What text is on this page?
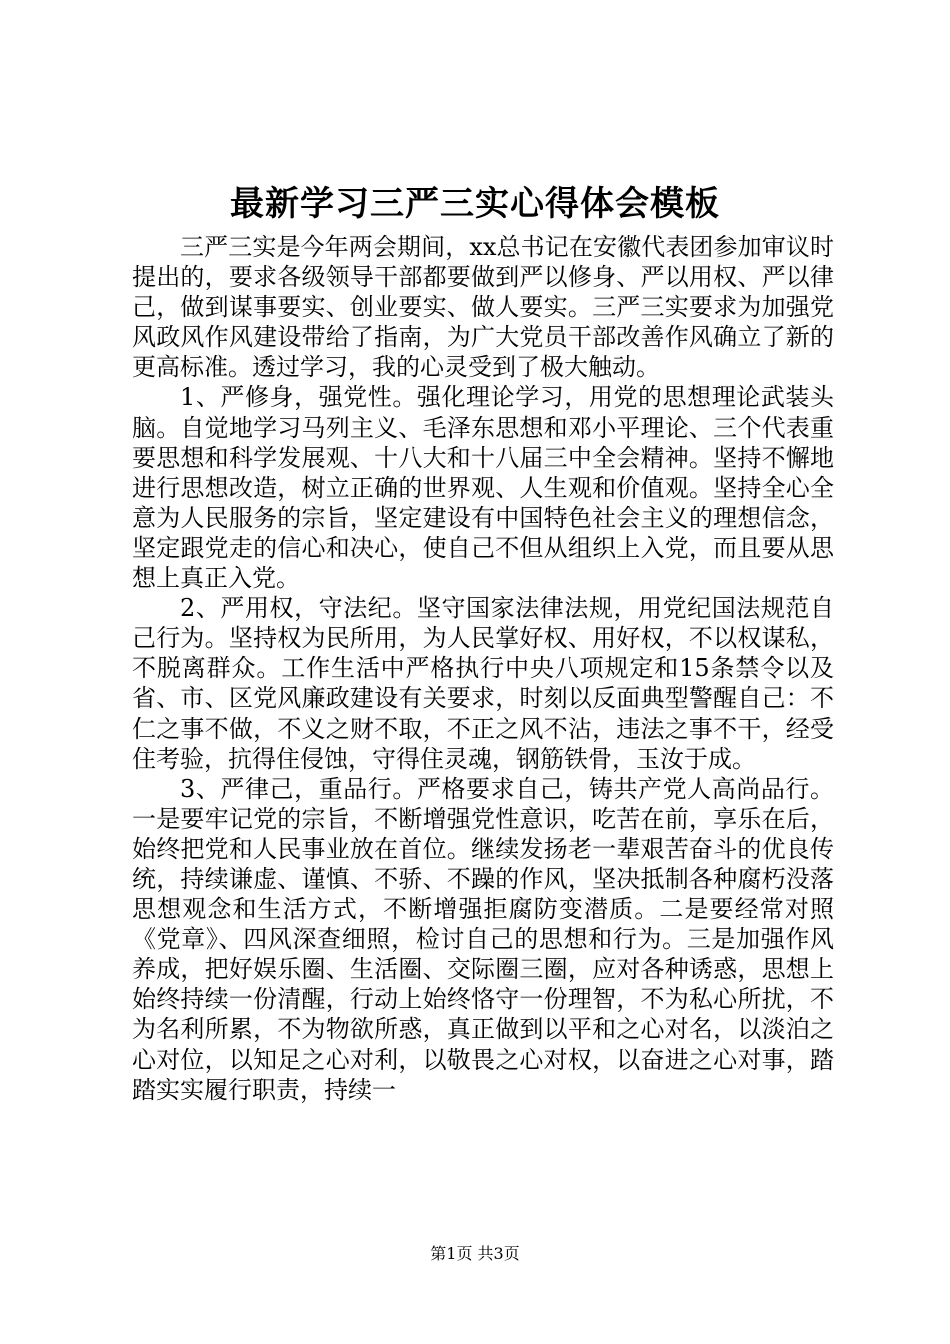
最新学习三严三实心得体会模板

三严三实是今年两会期间，xx总书记在安徽代表团参加审议时提出的，要求各级领导干部都要做到严以修身、严以用权、严以律己，做到谋事要实、创业要实、做人要实。三严三实要求为加强党风政风作风建设带给了指南，为广大党员干部改善作风确立了新的更高标准。透过学习，我的心灵受到了极大触动。

1、严修身，强党性。强化理论学习，用党的思想理论武装头脑。自觉地学习马列主义、毛泽东思想和邓小平理论、三个代表重要思想和科学发展观、十八大和十八届三中全会精神。坚持不懈地进行思想改造，树立正确的世界观、人生观和价值观。坚持全心全意为人民服务的宗旨，坚定建设有中国特色社会主义的理想信念，坚定跟党走的信心和决心，使自己不但从组织上入党，而且要从思想上真正入党。

2、严用权，守法纪。坚守国家法律法规，用党纪国法规范自己行为。坚持权为民所用，为人民掌好权、用好权，不以权谋私，不脱离群众。工作生活中严格执行中央八项规定和15条禁令以及省、市、区党风廉政建设有关要求，时刻以反面典型警醒自己：不仁之事不做，不义之财不取，不正之风不沾，违法之事不干，经受住考验，抗得住侵蚀，守得住灵魂，钢筋铁骨，玉汝于成。

3、严律己，重品行。严格要求自己，铸共产党人高尚品行。一是要牢记党的宗旨，不断增强党性意识，吃苦在前，享乐在后，始终把党和人民事业放在首位。继续发扬老一辈艰苦奋斗的优良传统，持续谦虚、谨慎、不骄、不躁的作风，坚决抵制各种腐朽没落思想观念和生活方式，不断增强拒腐防变潜质。二是要经常对照《党章》、四风深查细照，检讨自己的思想和行为。三是加强作风养成，把好娱乐圈、生活圈、交际圈三圈，应对各种诱惑，思想上始终持续一份清醒，行动上始终恪守一份理智，不为私心所扰，不为名利所累，不为物欲所惑，真正做到以平和之心对名，以淡泊之心对位，以知足之心对利，以敬畏之心对权，以奋进之心对事，踏踏实实履行职责，持续一

第1页 共3页
